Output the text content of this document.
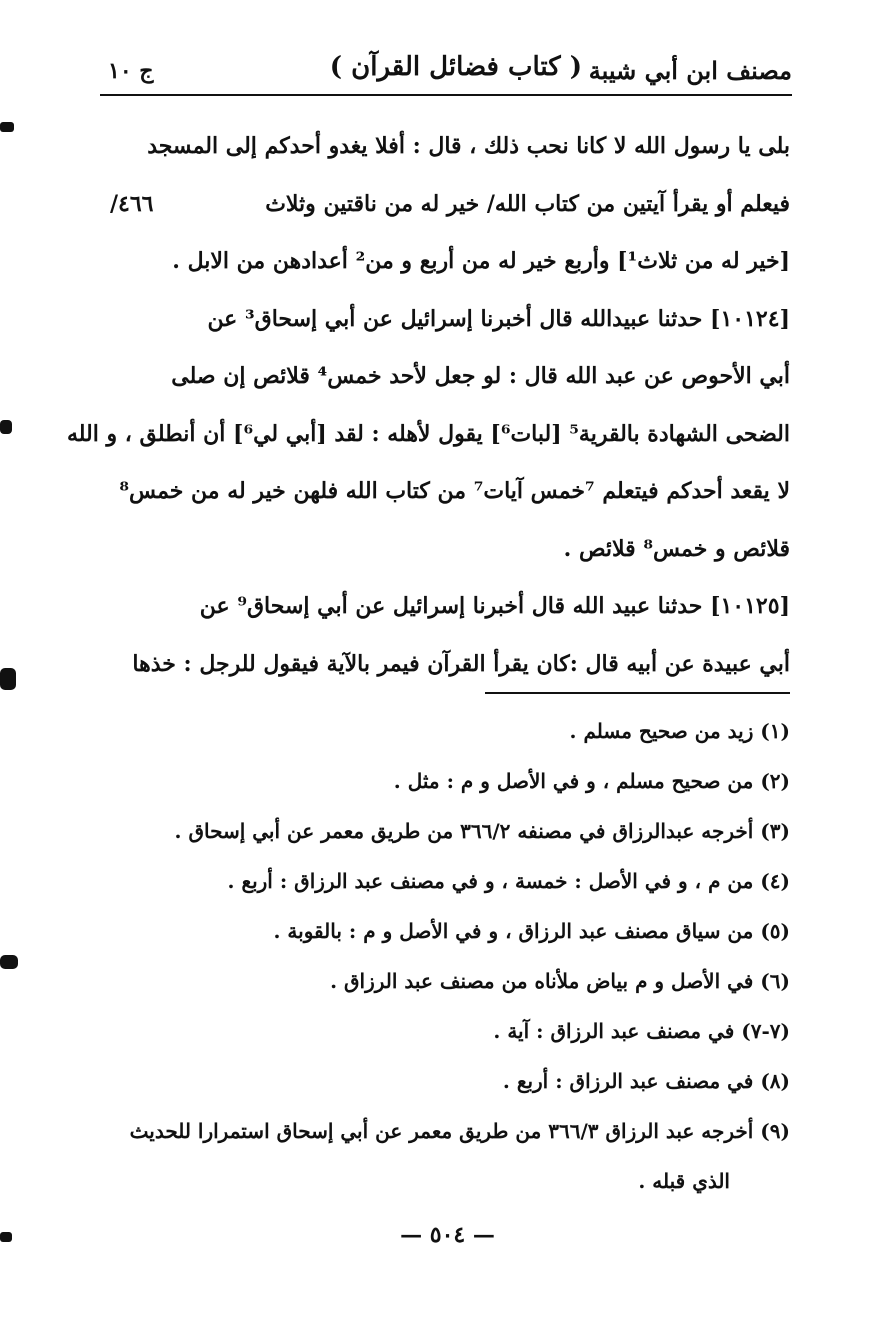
مصنف ابن أبي شيبة
( كتاب فضائل القرآن )
ج ١٠
بلى يا رسول الله لا كانا نحب ذلك ، قال : أفلا يغدو أحدكم إلى المسجد
٤٦٦/	فيعلم أو يقرأ آيتين من كتاب الله/ خير له من ناقتين وثلاث
[خير له من ثلاث¹] وأربع خير له من أربع و من² أعدادهن من الابل .
[١٠١٢٤] حدثنا عبيدالله قال أخبرنا إسرائيل عن أبي إسحاق³ عن
أبي الأحوص عن عبد الله قال : لو جعل لأحد خمس⁴ قلائص إن صلى
الضحى الشهادة بالقرية⁵ [لبات⁶] يقول لأهله : لقد [أبي لي⁶] أن أنطلق ، و الله
لا يقعد أحدكم فيتعلم ⁷خمس آيات⁷ من كتاب الله فلهن خير له من خمس⁸
قلائص و خمس⁸ قلائص .
[١٠١٢٥] حدثنا عبيد الله قال أخبرنا إسرائيل عن أبي إسحاق⁹ عن
أبي عبيدة عن أبيه قال :كان يقرأ القرآن فيمر بالآية فيقول للرجل : خذها
(١) زيد من صحيح مسلم .
(٢) من صحيح مسلم ، و في الأصل و م : مثل .
(٣) أخرجه عبدالرزاق في مصنفه ٣٦٦/٢ من طريق معمر عن أبي إسحاق .
(٤) من م ، و في الأصل : خمسة ، و في مصنف عبد الرزاق : أربع .
(٥) من سياق مصنف عبد الرزاق ، و في الأصل و م : بالقوبة .
(٦) في الأصل و م بياض ملأناه من مصنف عبد الرزاق .
(٧-٧) في مصنف عبد الرزاق : آية .
(٨) في مصنف عبد الرزاق : أربع .
(٩) أخرجه عبد الرزاق ٣٦٦/٣ من طريق معمر عن أبي إسحاق استمرارا للحديث
الذي قبله .
— ٥٠٤ —
